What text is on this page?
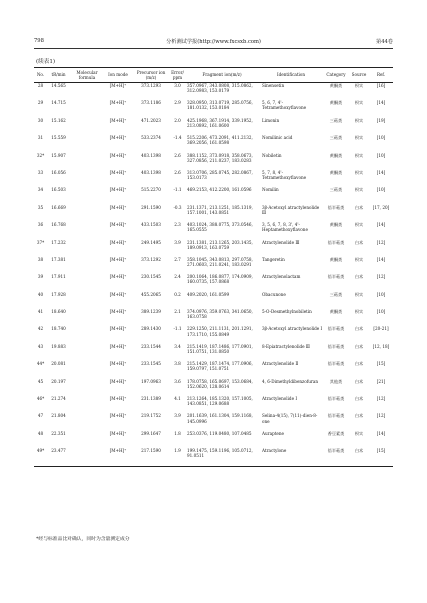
798	分析测试学报(http://www.fxcsxb.com)	第44卷
(续表1)
No.	tR/min	Molecular formula	Ion mode	Precursor ion (m/z)	Error/ ppm	Fragment ion(m/z)	Identification	Category	Source	Ref.
28	14.565		[M+H]⁺	373.1293	3.0	357.0967, 343.0808, 315.0862, 312.0983, 153.0179	Sinensetin	黄酮类	枳实	[16]
29	14.715		[M+H]⁺	373.1186	2.9	328.0950, 313.0719, 285.0756, 181.0132, 153.0184	5, 6, 7, 4'-Tetramethoxyflavone	黄酮类	枳实	[14]
30	15.162		[M+H]⁺	471.2023	2.0	425.1968, 367.1914, 339.1952, 213.0892, 161.0600	Limonin	三萜类	枳实	[19]
31	15.559		[M+H]⁺	533.2374	-1.4	515.2206, 473.2091, 411.2132, 369.2056, 161.0598	Nomilinic acid	三萜类	枳实	[10]
32*	15.907		[M+H]⁺	403.1398	2.6	388.1152, 373.0918, 358.0673, 327.0856, 211.0237, 183.0283	Nobiletin	黄酮类	枳实	[10]
33	16.056		[M+H]⁺	403.1398	2.6	313.0706, 285.0745, 282.0867, 153.0173	5, 7, 8, 4'-Tetramethoxyflavone	黄酮类	枳实	[14]
34	16.503		[M+H]⁺	515.2270	-1.1	469.2153, 412.2200, 161.0596	Nomilin	三萜类	枳实	[10]
35	16.669		[M+H]⁺	291.1590	-0.3	231.1371, 213.1251, 185.1319, 157.1001, 143.0851	3β-Acetoxyl atractylenolide Ⅲ	倍半萜类	白术	[17, 20]
36	16.768		[M+H]⁺	433.1503	2.3	403.1024, 388.0775, 373.0546, 165.0555	3, 5, 6, 7, 8, 3', 4'-Heptamethoxyflavone	黄酮类	枳实	[14]
37*	17.232		[M+H]⁺	249.1495	3.9	231.1381, 213.1265, 203.1435, 189.0913, 163.0759	Atractylenolide Ⅲ	倍半萜类	白术	[12]
38	17.381		[M+H]⁺	373.1292	2.7	358.1045, 343.0813, 297.0758, 271.0603, 211.0241, 183.0291	Tangeretin	黄酮类	枳实	[14]
39	17.911		[M+H]⁺	230.1545	2.4	200.1064, 186.0877, 174.0909, 160.0735, 157.0868	Atractylenolactam	倍半萜类	白术	[12]
40	17.928		[M+H]⁺	455.2065	0.2	409.2020, 161.0599	Obacunone	三萜类	枳实	[10]
41	18.640		[M+H]⁺	389.1239	2.1	374.0976, 359.0763, 341.0650, 163.0758	5-O-Desmethylnobiletin	黄酮类	枳实	[10]
42	18.740		[M+H]⁺	289.1430	-1.1	229.1250, 211.1131, 201.1291, 173.1710, 155.0849	3β-Acetoxyl atractylenolide Ⅰ	倍半萜类	白术	[20-21]
43	19.883		[M+H]⁺	233.1544	3.4	215.1419, 187.1486, 177.0901, 151.0751, 131.0850	8-Epiatractylenolide Ⅲ	倍半萜类	白术	[12, 18]
44*	20.081		[M+H]⁺	233.1545	3.8	215.1429, 187.1474, 177.0906, 159.0797, 151.0751	Atractylenolide Ⅱ	倍半萜类	白术	[15]
45	20.197		[M+H]⁺	197.0963	3.6	178.0758, 165.0697, 153.0684, 152.0620, 128.0614	4, 6-Dimethyldibenzofuran	其他类	白术	[21]
46*	21.274		[M+H]⁺	231.1389	4.1	213.1264, 185.1320, 157.1005, 143.0851, 129.0688	Atractylenolide Ⅰ	倍半萜类	白术	[12]
47	21.804		[M+H]⁺	219.1752	3.9	201.1639, 161.1304, 159.1168, 145.0996	Selina-4(15), 7(11)-dien-8-one	倍半萜类	白术	[12]
48	22.351		[M+H]⁺	299.1647	1.8	253.0376, 119.0480, 107.0485	Auraptene	香豆素类	枳实	[14]
49*	23.477		[M+H]⁺	217.1590	1.9	199.1475, 159.1196, 105.0712, 91.0511	Atractylone	倍半萜类	白术	[15]
*经与标准品比对确认，同时为含量测定成分
